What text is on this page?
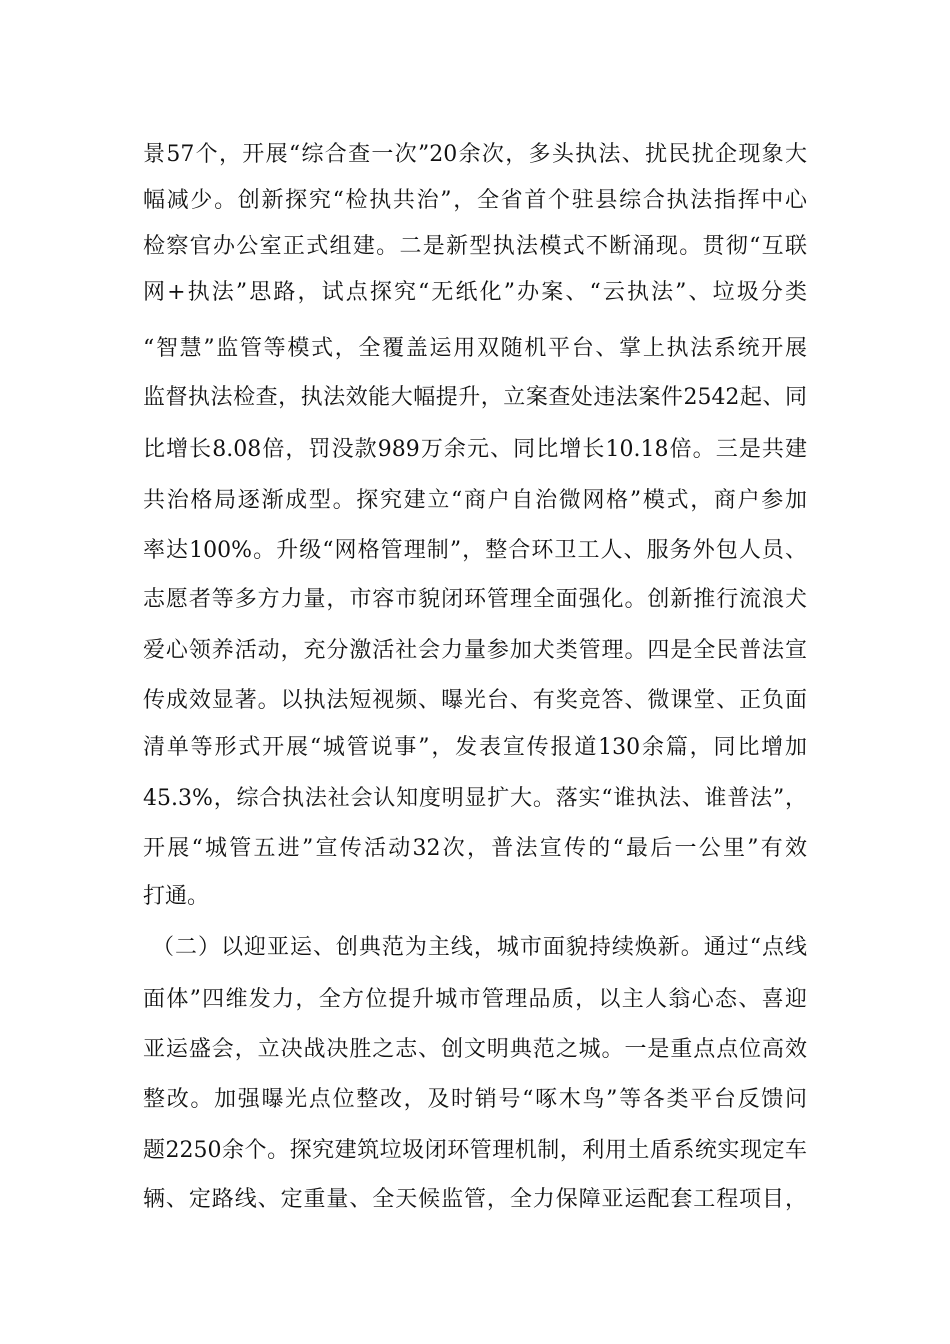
景57个，开展“综合查一次”20余次，多头执法、扰民扰企现象大
幅减少。创新探究“检执共治”，全省首个驻县综合执法指挥中心
检察官办公室正式组建。二是新型执法模式不断涌现。贯彻“互联
网+执法”思路，试点探究“无纸化”办案、“云执法”、垃圾分类
“智慧”监管等模式，全覆盖运用双随机平台、掌上执法系统开展
监督执法检查，执法效能大幅提升，立案查处违法案件2542起、同
比增长8.08倍，罚没款989万余元、同比增长10.18倍。三是共建
共治格局逐渐成型。探究建立“商户自治微网格”模式，商户参加
率达100%。升级“网格管理制”，整合环卫工人、服务外包人员、
志愿者等多方力量，市容市貌闭环管理全面强化。创新推行流浪犬
爱心领养活动，充分激活社会力量参加犬类管理。四是全民普法宣
传成效显著。以执法短视频、曝光台、有奖竞答、微课堂、正负面
清单等形式开展“城管说事”，发表宣传报道130余篇，同比增加
45.3%，综合执法社会认知度明显扩大。落实“谁执法、谁普法”，
开展“城管五进”宣传活动32次，普法宣传的“最后一公里”有效
打通。
（二）以迎亚运、创典范为主线，城市面貌持续焕新。通过“点线
面体”四维发力，全方位提升城市管理品质，以主人翁心态、喜迎
亚运盛会，立决战决胜之志、创文明典范之城。一是重点点位高效
整改。加强曝光点位整改，及时销号“啄木鸟”等各类平台反馈问
题2250余个。探究建筑垃圾闭环管理机制，利用土盾系统实现定车
辆、定路线、定重量、全天候监管，全力保障亚运配套工程项目，
